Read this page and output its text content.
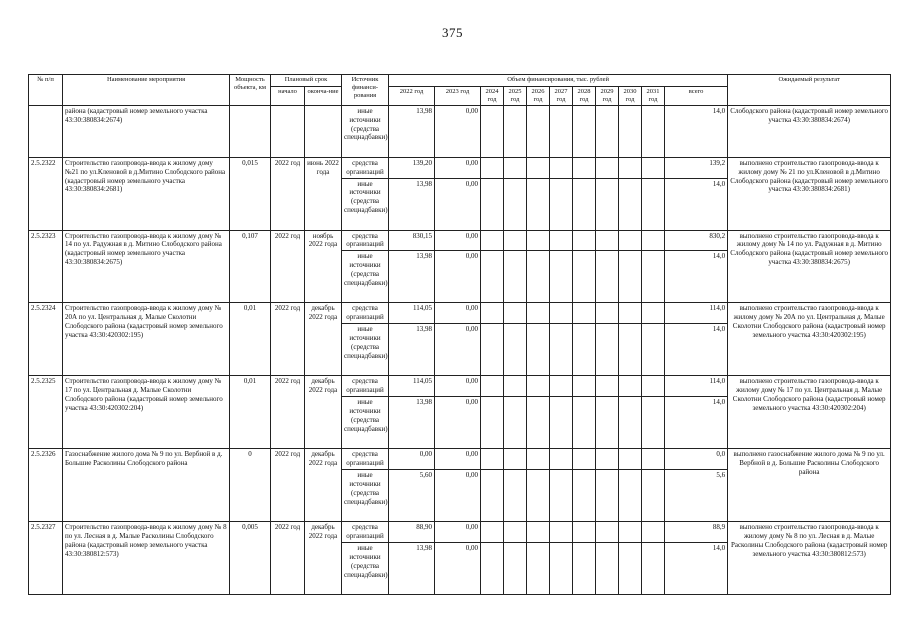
375
№ п/п	Наименование мероприятия	Мощность объекта, км	Плановый срок		Источник финанси-рования	Объем финансирования, тыс. рублей											Ожидаемый результат
			начало	оконча-ние		2022 год	2023 год	2024 год	2025 год	2026 год	2027 год	2028 год	2029 год	2030 год	2031 год	всего	
	района (кадастровый номер земельного участка 43:30:380834:2674)				иные источники (средства спецнадбавки)	13,98	0,00									14,0	Слободского района (кадастровый номер земельного участка 43:30:380834:2674)
2.5.2322	Строительство газопровода-ввода к жилому дому №21 по ул.Кленовой в д.Митино Слободского района (кадастровый номер земельного участка 43:30:380834:2681)	0,015	2022 год	июнь 2022 года	средства организаций	139,20	0,00									139,2	выполнено строительство газопровода-ввода к жилому дому № 21 по ул.Кленовой в д.Митино Слободского района (кадастровый номер земельного участка 43:30:380834:2681)
					иные источники (средства спецнадбавки)	13,98	0,00									14,0	
2.5.2323	Строительство газопровода-ввода к жилому дому № 14 по ул. Радужная в д. Митино Слободского района (кадастровый номер земельного участка 43:30:380834:2675)	0,107	2022 год	ноябрь 2022 года	средства организаций	830,15	0,00									830,2	выполнено строительство газопровода-ввода к жилому дому № 14 по ул. Радужная в д. Митино Слободского района (кадастровый номер земельного участка 43:30:380834:2675)
					иные источники (средства спецнадбавки)	13,98	0,00									14,0	
2.5.2324	Строительство газопровода-ввода к жилому дому № 20А по ул. Центральная д. Малые Сколотни Слободского района (кадастровый номер земельного участка 43:30:420302:195)	0,01	2022 год	декабрь 2022 года	средства организаций	114,05	0,00									114,0	выполнено строительство газопровода-ввода к жилому дому № 20А по ул. Центральная д. Малые Сколотни Слободского района (кадастровый номер земельного участка 43:30:420302:195)
					иные источники (средства спецнадбавки)	13,98	0,00									14,0	
2.5.2325	Строительство газопровода-ввода к жилому дому № 17 по ул. Центральная д. Малые Сколотни Слободского района (кадастровый номер земельного участка 43:30:420302:204)	0,01	2022 год	декабрь 2022 года	средства организаций	114,05	0,00									114,0	выполнено строительство газопровода-ввода к жилому дому № 17 по ул. Центральная д. Малые Сколотни Слободского района (кадастровый номер земельного участка 43:30:420302:204)
					иные источники (средства спецнадбавки)	13,98	0,00									14,0	
2.5.2326	Газоснабжение жилого дома № 9 по ул. Вербной в д. Большие Расколины Слободского района	0	2022 год	декабрь 2022 года	средства организаций	0,00	0,00									0,0	выполнено газоснабжение жилого дома № 9 по ул. Вербной в д. Большие Расколины Слободского района
					иные источники (средства спецнадбавки)	5,60	0,00									5,6	
2.5.2327	Строительство газопровода-ввода к жилому дому № 8 по ул. Лесная в д. Малые Расколины Слободского района (кадастровый номер земельного участка 43:30:380812:573)	0,005	2022 год	декабрь 2022 года	средства организаций	88,90	0,00									88,9	выполнено строительство газопровода-ввода к жилому дому № 8 по ул. Лесная в д. Малые Расколины Слободского района (кадастровый номер земельного участка 43:30:380812:573)
					иные источники (средства спецнадбавки)	13,98	0,00									14,0	
